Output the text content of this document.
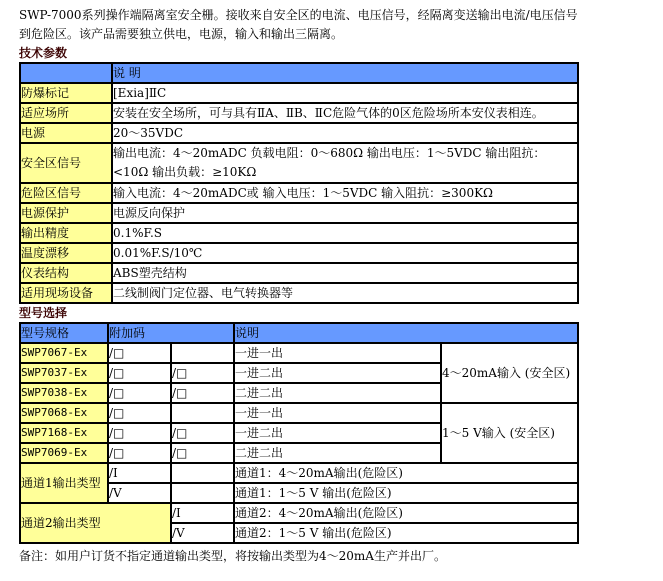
SWP-7000系列操作端隔离室安全栅。接收来自安全区的电流、电压信号，经隔离变送输出电流/电压信号到危险区。该产品需要独立供电，电源，输入和输出三隔离。

技术参数

	说 明
防爆标记	[Exia]ⅡC
适应场所	安装在安全场所，可与具有ⅡA、ⅡB、ⅡC危险气体的0区危险场所本安仪表相连。
电源	20～35VDC
安全区信号	输出电流：4～20mADC 负载电阻：0～680Ω 输出电压：1～5VDC 输出阻抗：<10Ω 输出负载：≥10KΩ
危险区信号	输入电流：4～20mADC或 输入电压：1～5VDC 输入阻抗：≥300KΩ
电源保护	电源反向保护
输出精度	0.1%F.S
温度漂移	0.01%F.S/10℃
仪表结构	ABS塑壳结构
适用现场设备	二线制阀门定位器、电气转换器等

型号选择

型号规格	附加码		说明	
SWP7067-Ex	/□		一进一出	4～20mA输入 (安全区)
SWP7037-Ex	/□	/□	一进二出	
SWP7038-Ex	/□	/□	二进二出	
SWP7068-Ex	/□		一进一出	1～5 V输入 (安全区)
SWP7168-Ex	/□	/□	一进二出	
SWP7069-Ex	/□	/□	二进二出	
通道1输出类型	/I		通道1：4～20mA输出(危险区)	
	/V		通道1：1～5 V 输出(危险区)	
通道2输出类型		/I	通道2：4～20mA输出(危险区)	
		/V	通道2：1～5 V 输出(危险区)	

备注：如用户订货不指定通道输出类型，将按输出类型为4～20mA生产并出厂。
